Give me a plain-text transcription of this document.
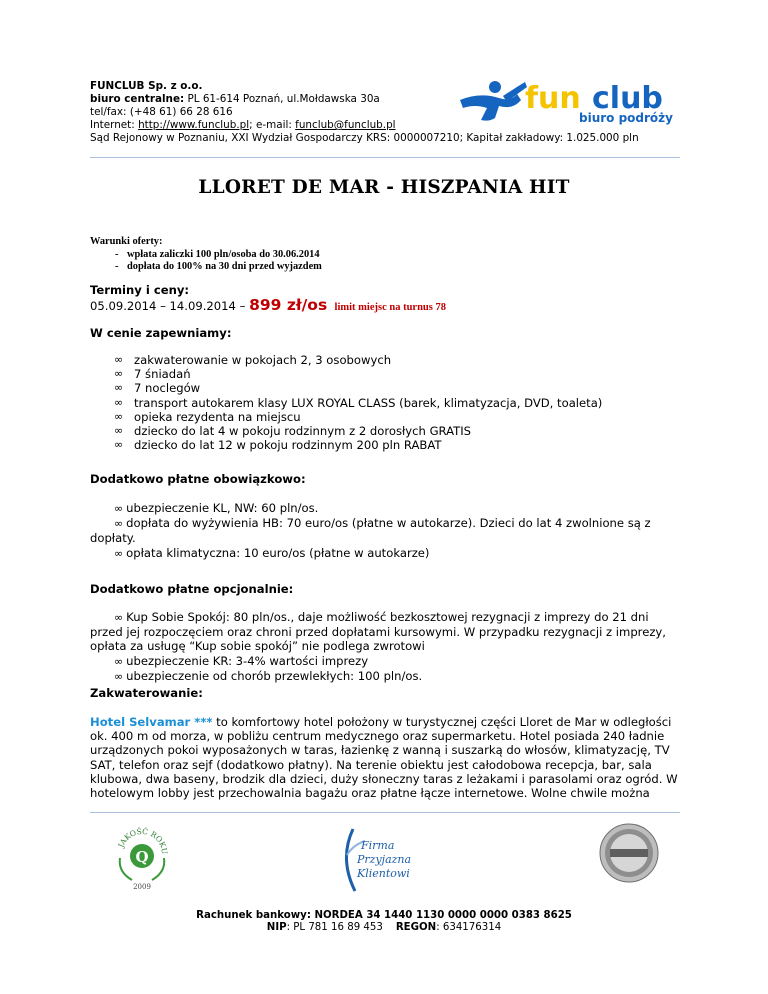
FUNCLUB Sp. z o.o.
biuro centralne: PL 61-614 Poznań, ul.Mołdawska 30a
tel/fax: (+48 61) 66 28 616
Internet: http://www.funclub.pl; e-mail: funclub@funclub.pl
Sąd Rejonowy w Poznaniu, XXI Wydział Gospodarczy KRS: 0000007210; Kapitał zakładowy: 1.025.000 pln
fun club
biuro podróży
LLORET DE MAR - HISZPANIA HIT
Warunki oferty:
- wpłata zaliczki 100 pln/osoba do 30.06.2014
- dopłata do 100% na 30 dni przed wyjazdem
Terminy i ceny:
05.09.2014 – 14.09.2014 – 899 zł/os limit miejsc na turnus 78
W cenie zapewniamy:
∞ zakwaterowanie w pokojach 2, 3 osobowych
∞ 7 śniadań
∞ 7 noclegów
∞ transport autokarem klasy LUX ROYAL CLASS (barek, klimatyzacja, DVD, toaleta)
∞ opieka rezydenta na miejscu
∞ dziecko do lat 4 w pokoju rodzinnym z 2 dorosłych GRATIS
∞ dziecko do lat 12 w pokoju rodzinnym 200 pln RABAT
Dodatkowo płatne obowiązkowo:
∞ ubezpieczenie KL, NW: 60 pln/os.
∞ dopłata do wyżywienia HB: 70 euro/os (płatne w autokarze). Dzieci do lat 4 zwolnione są z
dopłaty.
∞ opłata klimatyczna: 10 euro/os (płatne w autokarze)
Dodatkowo płatne opcjonalnie:
∞ Kup Sobie Spokój: 80 pln/os., daje możliwość bezkosztowej rezygnacji z imprezy do 21 dni
przed jej rozpoczęciem oraz chroni przed dopłatami kursowymi. W przypadku rezygnacji z imprezy,
opłata za usługę “Kup sobie spokój” nie podlega zwrotowi
∞ ubezpieczenie KR: 3-4% wartości imprezy
∞ ubezpieczenie od chorób przewlekłych: 100 pln/os.
Zakwaterowanie:
Hotel Selvamar *** to komfortowy hotel położony w turystycznej części Lloret de Mar w odległości
ok. 400 m od morza, w pobliżu centrum medycznego oraz supermarketu. Hotel posiada 240 ładnie
urządzonych pokoi wyposażonych w taras, łazienkę z wanną i suszarką do włosów, klimatyzację, TV
SAT, telefon oraz sejf (dodatkowo płatny). Na terenie obiektu jest całodobowa recepcja, bar, sala
klubowa, dwa baseny, brodzik dla dzieci, duży słoneczny taras z leżakami i parasolami oraz ogród. W
hotelowym lobby jest przechowalnia bagażu oraz płatne łącze internetowe. Wolne chwile można
JAKOŚĆ ROKU
Q
2009
Firma
Przyjazna
Klientowi
Rachunek bankowy: NORDEA 34 1440 1130 0000 0000 0383 8625
NIP: PL 781 16 89 453 REGON: 634176314
